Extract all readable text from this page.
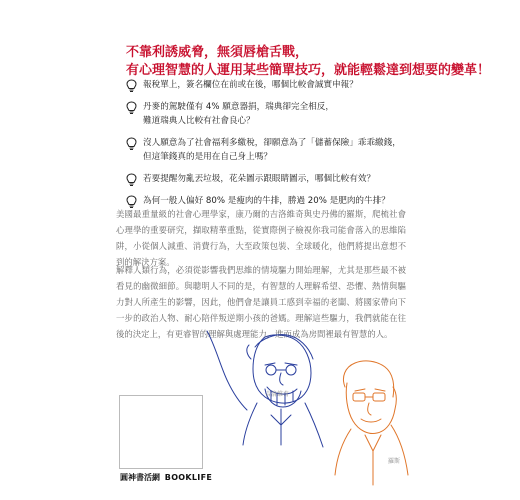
不靠利誘威脅，無須唇槍舌戰，
有心理智慧的人運用某些簡單技巧，就能輕鬆達到想要的變革！
報稅單上，簽名欄位在前或在後，哪個比較會誠實申報？
丹麥的駕駛僅有 4% 願意器捐，瑞典卻完全相反，
難道瑞典人比較有社會良心？
沒人願意為了社會福利多繳稅，卻願意為了「儲蓄保險」乖乖繳錢，
但這筆錢真的是用在自己身上嗎？
若要提醒勿亂丟垃圾，花朵圖示跟眼睛圖示，哪個比較有效？
為何一般人偏好 80% 是瘦肉的牛排，勝過 20% 是肥肉的牛排？
美國最重量級的社會心理學家，康乃爾的吉洛維奇與史丹佛的羅斯，爬梳社會心理學的重要研究，擷取精華重點，從實際例子檢視你我司能會落入的思維陷阱，小從個人減重、消費行為，大至政策包裝、全球暖化，他們將提出意想不到的解決方案。
解釋人類行為，必須從影響我們思維的情境驅力開始理解，尤其是那些最不被看見的幽微細節。與聰明人不同的是，有智慧的人理解希望、恐懼、熱情與驅力對人所產生的影響，因此，他們會是讓員工感到幸福的老闆、將國家帶向下一步的政治人物、耐心陪伴叛逆期小孩的爸媽。理解這些驅力，我們就能在往後的決定上，有更睿智的理解與處理能力，進而成為房間裡最有智慧的人。
吉洛維奇
羅斯
圓神書活網 BOOKLIFE
